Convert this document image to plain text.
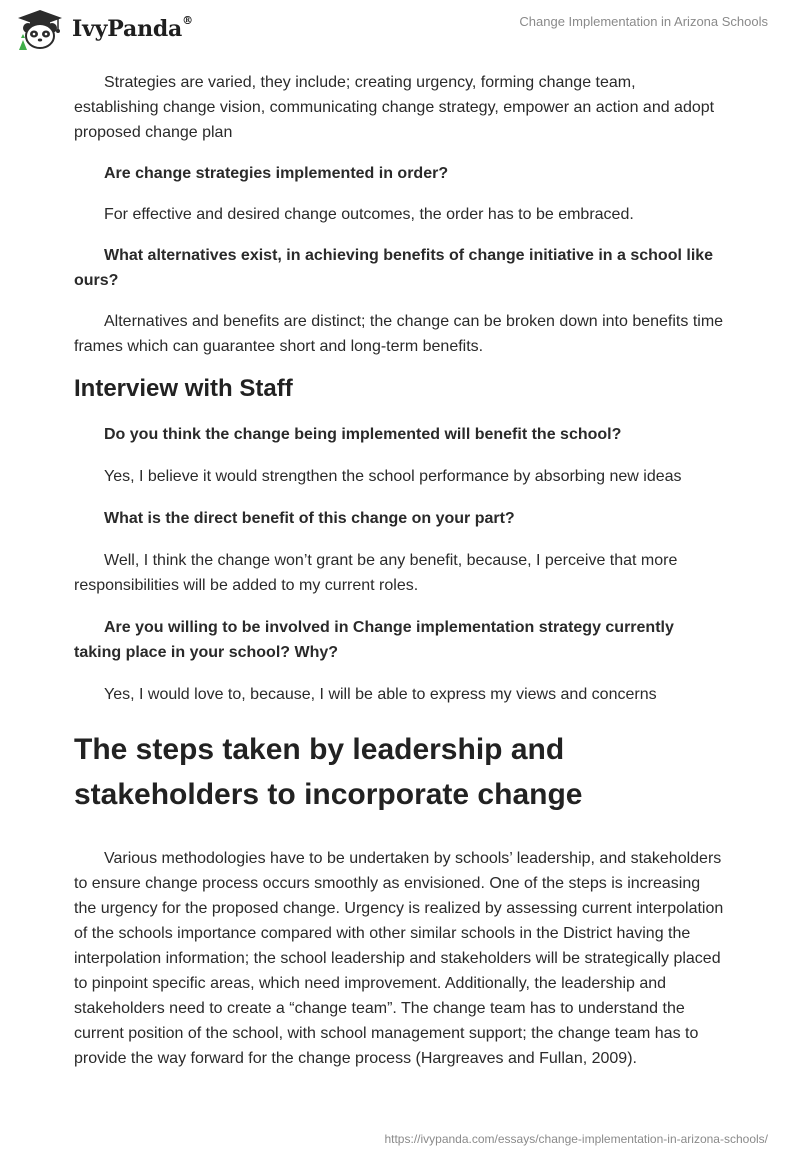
IvyPanda®	Change Implementation in Arizona Schools

Strategies are varied, they include; creating urgency, forming change team, establishing change vision, communicating change strategy, empower an action and adopt proposed change plan

Are change strategies implemented in order?

For effective and desired change outcomes, the order has to be embraced.

What alternatives exist, in achieving benefits of change initiative in a school like ours?

Alternatives and benefits are distinct; the change can be broken down into benefits time frames which can guarantee short and long-term benefits.

Interview with Staff

Do you think the change being implemented will benefit the school?

Yes, I believe it would strengthen the school performance by absorbing new ideas

What is the direct benefit of this change on your part?

Well, I think the change won’t grant be any benefit, because, I perceive that more responsibilities will be added to my current roles.

Are you willing to be involved in Change implementation strategy currently taking place in your school? Why?

Yes, I would love to, because, I will be able to express my views and concerns

The steps taken by leadership and stakeholders to incorporate change

Various methodologies have to be undertaken by schools’ leadership, and stakeholders to ensure change process occurs smoothly as envisioned. One of the steps is increasing the urgency for the proposed change. Urgency is realized by assessing current interpolation of the schools importance compared with other similar schools in the District having the interpolation information; the school leadership and stakeholders will be strategically placed to pinpoint specific areas, which need improvement. Additionally, the leadership and stakeholders need to create a “change team”. The change team has to understand the current position of the school, with school management support; the change team has to provide the way forward for the change process (Hargreaves and Fullan, 2009).

https://ivypanda.com/essays/change-implementation-in-arizona-schools/
